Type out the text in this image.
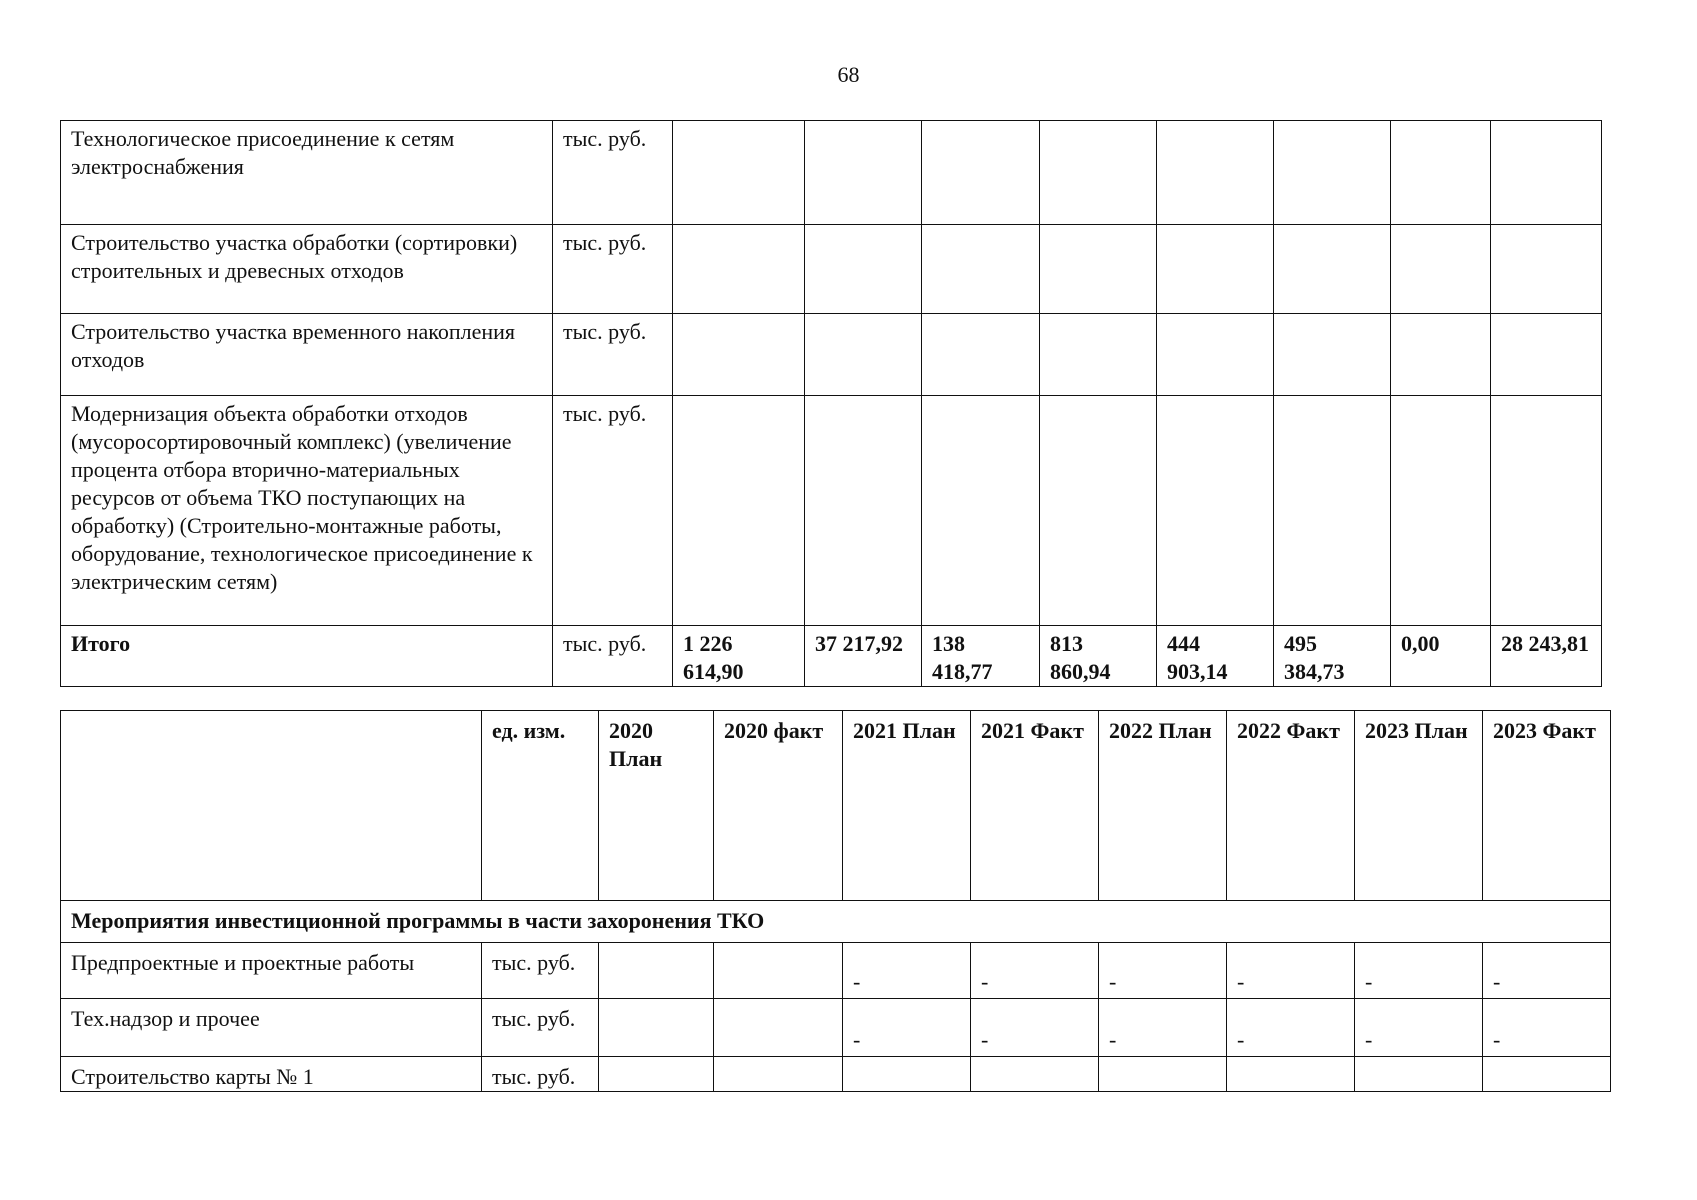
68
Технологическое присоединение к сетям электроснабжения	тыс. руб.								
Строительство участка обработки (сортировки) строительных и древесных отходов	тыс. руб.								
Строительство участка временного накопления отходов	тыс. руб.								
Модернизация объекта обработки отходов (мусоросортировочный комплекс) (увеличение процента отбора вторично-материальных ресурсов от объема ТКО поступающих на обработку) (Строительно-монтажные работы, оборудование, технологическое присоединение к электрическим сетям)	тыс. руб.								
Итого	тыс. руб.	1 226 614,90	37 217,92	138 418,77	813 860,94	444 903,14	495 384,73	0,00	28 243,81
	ед. изм.	2020 План	2020 факт	2021 План	2021 Факт	2022 План	2022 Факт	2023 План	2023 Факт
Мероприятия инвестиционной программы в части захоронения ТКО									
Предпроектные и проектные работы	тыс. руб.			-	-	-	-	-	-
Тех.надзор и прочее	тыс. руб.			-	-	-	-	-	-
Строительство карты № 1	тыс. руб.								
